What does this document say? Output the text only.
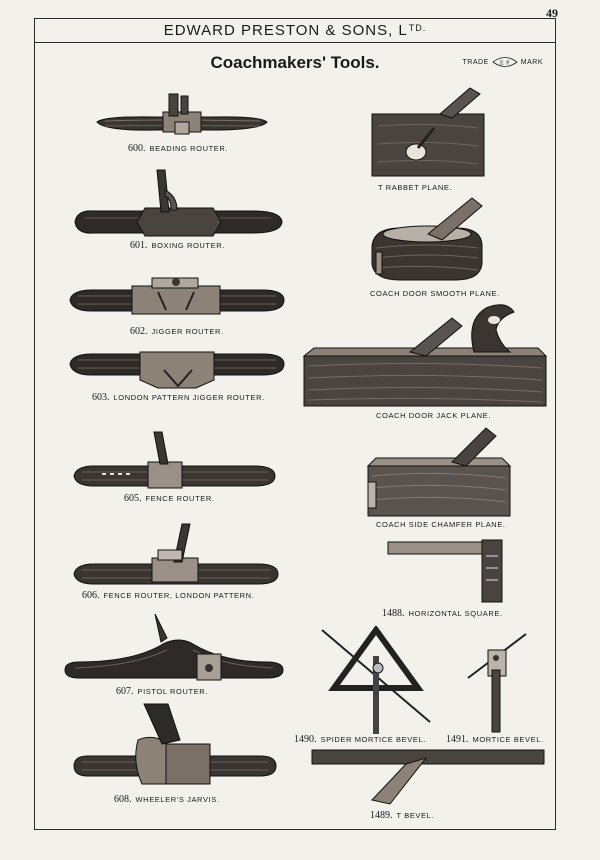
49
EDWARD PRESTON & SONS, $L^{TD.}$
Coachmakers' Tools.	TRADE E P MARK
600. BEADING ROUTER.
601. BOXING ROUTER.
602. JIGGER ROUTER.
603. LONDON PATTERN JIGGER ROUTER.
605. FENCE ROUTER.
606. FENCE ROUTER, LONDON PATTERN.
607. PISTOL ROUTER.
608. WHEELER'S JARVIS.
T RABBET PLANE.
COACH DOOR SMOOTH PLANE.
COACH DOOR JACK PLANE.
COACH SIDE CHAMFER PLANE.
1488. HORIZONTAL SQUARE.
1490. SPIDER MORTICE BEVEL. 1491. MORTICE BEVEL.
1489. T BEVEL.
